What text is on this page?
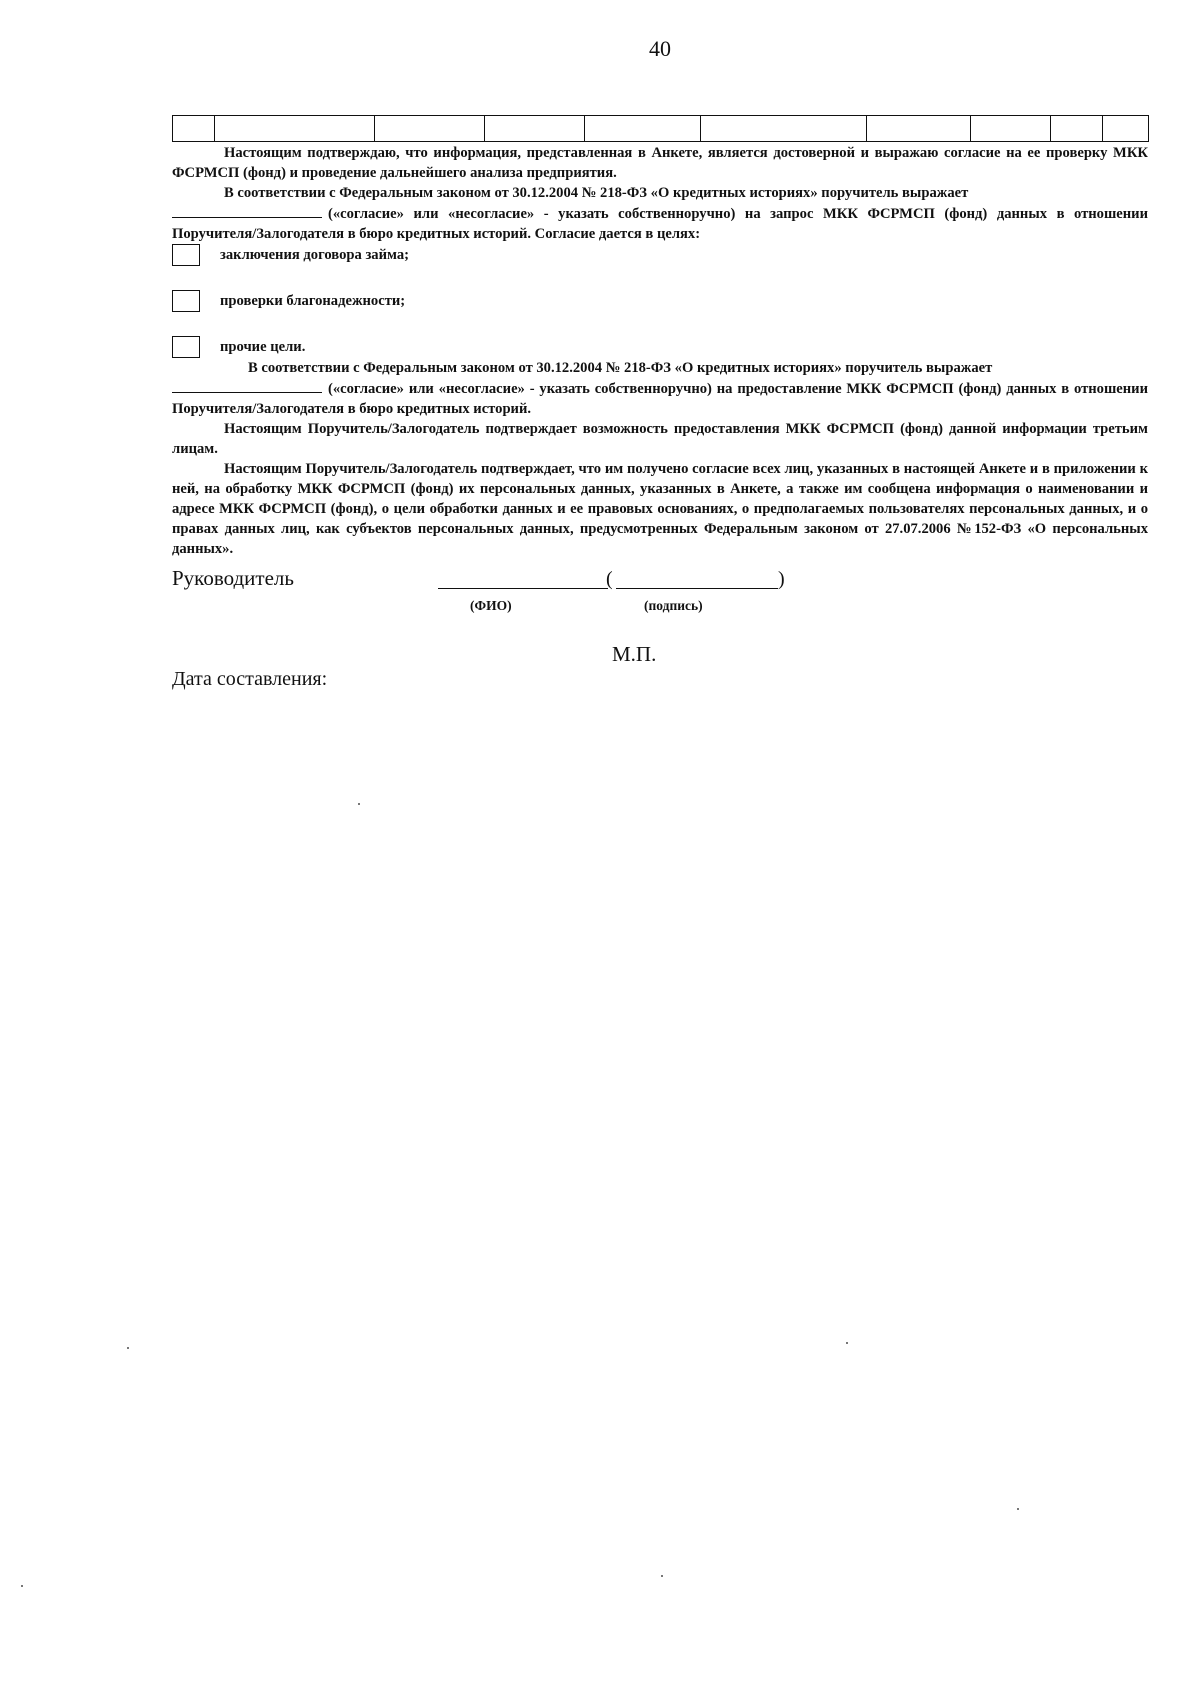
40

Настоящим подтверждаю, что информация, представленная в Анкете, является достоверной и выражаю согласие на ее проверку МКК ФСРМСП (фонд) и проведение дальнейшего анализа предприятия.

В соответствии с Федеральным законом от 30.12.2004 № 218-ФЗ «О кредитных историях» поручитель выражает
(«согласие» или «несогласие» - указать собственноручно) на запрос МКК ФСРМСП (фонд) данных в отношении Поручителя/Залогодателя в бюро кредитных историй. Согласие дается в целях:

заключения договора займа;
проверки благонадежности;
прочие цели.

В соответствии с Федеральным законом от 30.12.2004 № 218-ФЗ «О кредитных историях» поручитель выражает
(«согласие» или «несогласие» - указать собственноручно) на предоставление МКК ФСРМСП (фонд) данных в отношении Поручителя/Залогодателя в бюро кредитных историй.

Настоящим Поручитель/Залогодатель подтверждает возможность предоставления МКК ФСРМСП (фонд) данной информации третьим лицам.

Настоящим Поручитель/Залогодатель подтверждает, что им получено согласие всех лиц, указанных в настоящей Анкете и в приложении к ней, на обработку МКК ФСРМСП (фонд) их персональных данных, указанных в Анкете, а также им сообщена информация о наименовании и адресе МКК ФСРМСП (фонд), о цели обработки данных и ее правовых основаниях, о предполагаемых пользователях персональных данных, и о правах данных лиц, как субъектов персональных данных, предусмотренных Федеральным законом от 27.07.2006 №152-ФЗ «О персональных данных».

Руководитель	(	)
(ФИО)	(подпись)
М.П.
Дата составления:
